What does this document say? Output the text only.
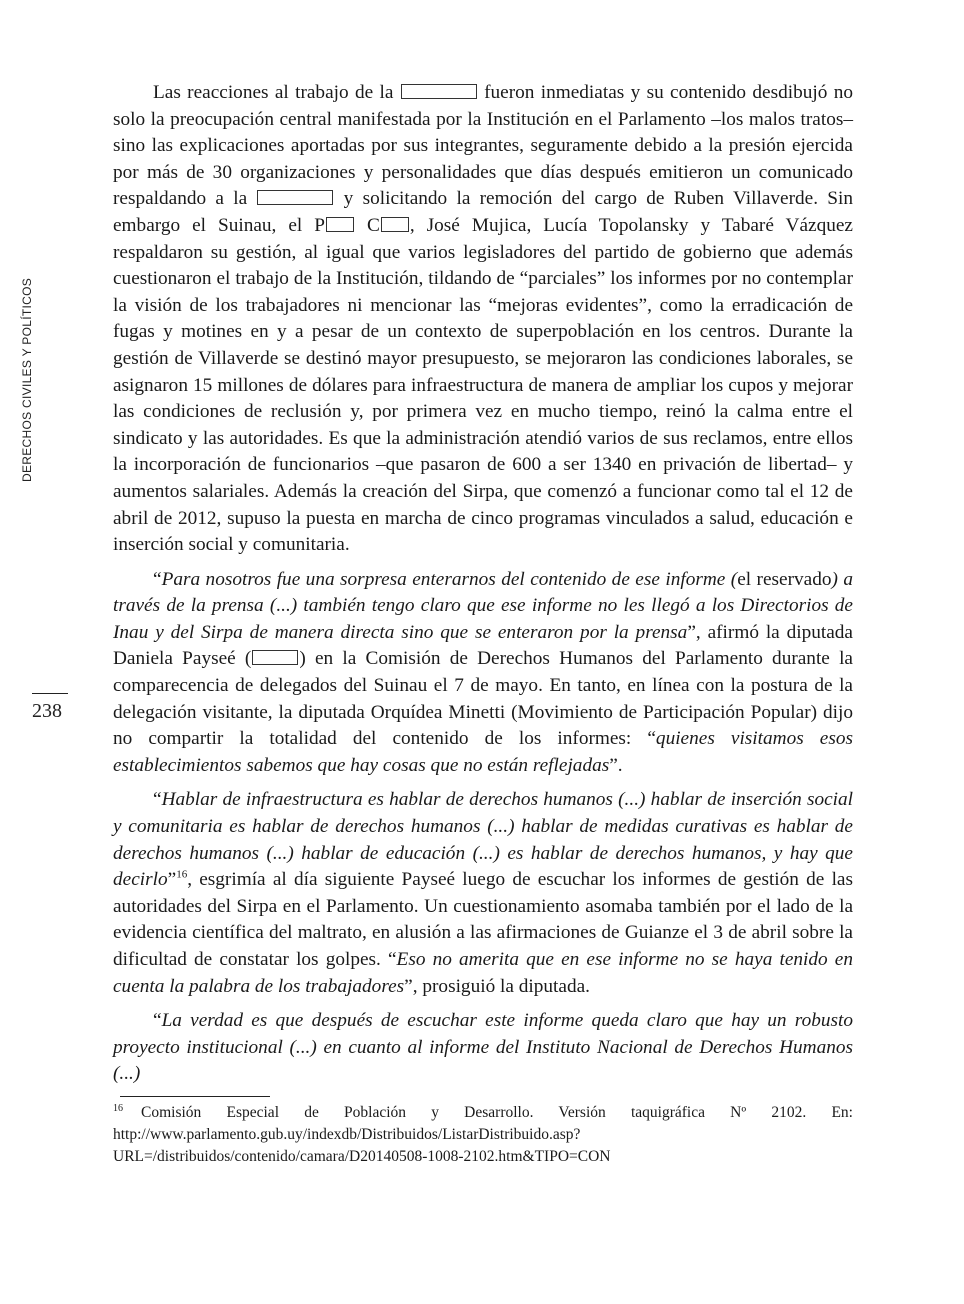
DERECHOS CIVILES Y POLÍTICOS
238

Las reacciones al trabajo de la	fueron inmediatas y su contenido desdibujó no solo la preocupación central manifestada por la Institución en el Parlamento –los malos tratos– sino las explicaciones aportadas por sus integrantes, seguramente debido a la presión ejercida por más de 30 organizaciones y personalidades que días después emitieron un comunicado respaldando a la	y solicitando la remoción del cargo de Ruben Villaverde. Sin embargo el Suinau, el P C , José Mujica, Lucía Topolansky y Tabaré Vázquez respaldaron su gestión, al igual que varios legisladores del partido de gobierno que además cuestionaron el trabajo de la Institución, tildando de “parciales” los informes por no contemplar la visión de los trabajadores ni mencionar las “mejoras evidentes”, como la erradicación de fugas y motines en y a pesar de un contexto de superpoblación en los centros. Durante la gestión de Villaverde se destinó mayor presupuesto, se mejoraron las condiciones laborales, se asignaron 15 millones de dólares para infraestructura de manera de ampliar los cupos y mejorar las condiciones de reclusión y, por primera vez en mucho tiempo, reinó la calma entre el sindicato y las autoridades. Es que la administración atendió varios de sus reclamos, entre ellos la incorporación de funcionarios –que pasaron de 600 a ser 1340 en privación de libertad– y aumentos salariales. Además la creación del Sirpa, que comenzó a funcionar como tal el 12 de abril de 2012, supuso la puesta en marcha de cinco programas vinculados a salud, educación e inserción social y comunitaria.

“Para nosotros fue una sorpresa enterarnos del contenido de ese informe (el reservado) a través de la prensa (...) también tengo claro que ese informe no les llegó a los Directorios de Inau y del Sirpa de manera directa sino que se enteraron por la prensa”, afirmó la diputada Daniela Payseé ( ) en la Comisión de Derechos Humanos del Parlamento durante la comparecencia de delegados del Suinau el 7 de mayo. En tanto, en línea con la postura de la delegación visitante, la diputada Orquídea Minetti (Movimiento de Participación Popular) dijo no compartir la totalidad del contenido de los informes: “quienes visitamos esos establecimientos sabemos que hay cosas que no están reflejadas”.

“Hablar de infraestructura es hablar de derechos humanos (...) hablar de inserción social y comunitaria es hablar de derechos humanos (...) hablar de medidas curativas es hablar de derechos humanos (...) hablar de educación (...) es hablar de derechos humanos, y hay que decirlo”$^{16}$, esgrimía al día siguiente Payseé luego de escuchar los informes de gestión de las autoridades del Sirpa en el Parlamento. Un cuestionamiento asomaba también por el lado de la evidencia científica del maltrato, en alusión a las afirmaciones de Guianze el 3 de abril sobre la dificultad de constatar los golpes. “Eso no amerita que en ese informe no se haya tenido en cuenta la palabra de los trabajadores”, prosiguió la diputada.

“La verdad es que después de escuchar este informe queda claro que hay un robusto proyecto institucional (...) en cuanto al informe del Instituto Nacional de Derechos Humanos (...)

$^{16}$ Comisión Especial de Población y Desarrollo. Versión taquigráfica Nº 2102. En: http://www.parlamento.gub.uy/indexdb/Distribuidos/ListarDistribuido.asp?URL=/distribuidos/contenido/camara/D20140508-1008-2102.htm&TIPO=CON
